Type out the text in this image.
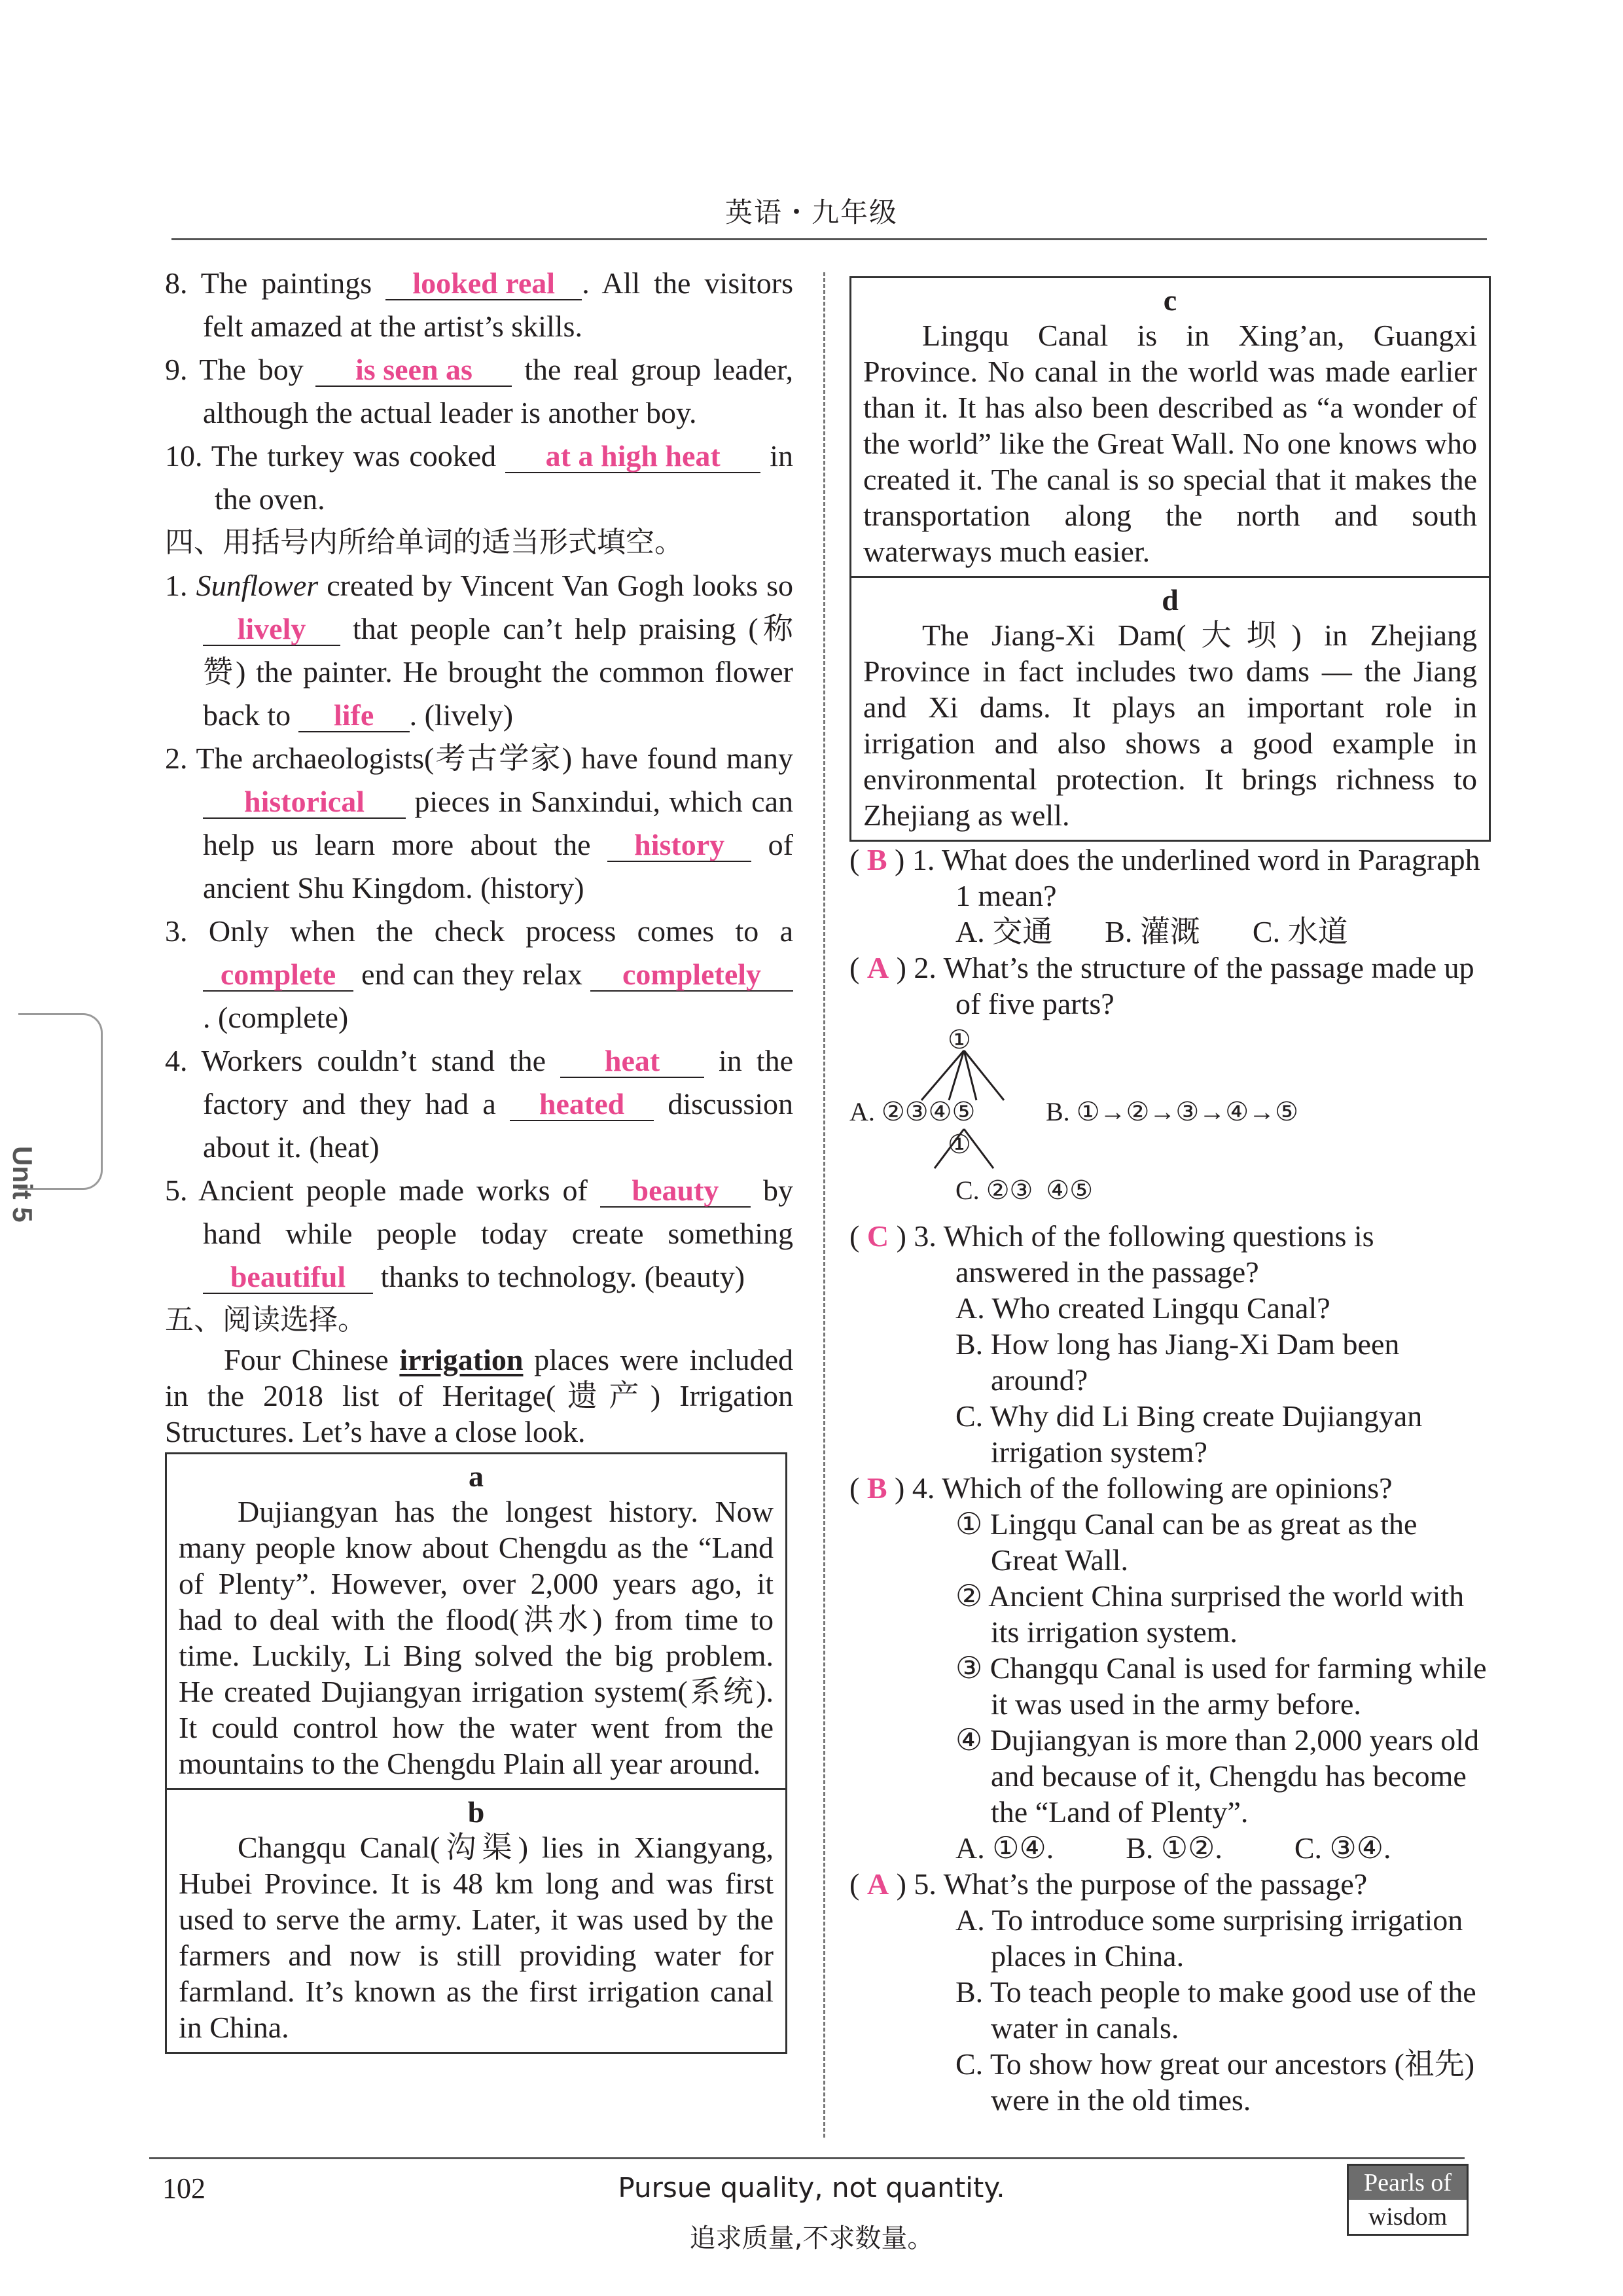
英语・九年级
Unit 5
8. The paintings looked real . All the visitors felt amazed at the artist’s skills.
9. The boy is seen as the real group leader, although the actual leader is another boy.
10. The turkey was cooked at a high heat in the oven.
四、用括号内所给单词的适当形式填空。
1. Sunflower created by Vincent Van Gogh looks so lively that people can’t help praising (称赞) the painter. He brought the common flower back to life . (lively)
2. The archaeologists(考古学家) have found many historical pieces in Sanxindui, which can help us learn more about the history of ancient Shu Kingdom. (history)
3. Only when the check process comes to a complete end can they relax completely. (complete)
4. Workers couldn’t stand the heat in the factory and they had a heated discussion about it. (heat)
5. Ancient people made works of beauty by hand while people today create something beautiful thanks to technology. (beauty)
五、阅读选择。
Four Chinese irrigation places were included in the 2018 list of Heritage(遗产) Irrigation Structures. Let’s have a close look.
a
Dujiangyan has the longest history. Now many people know about Chengdu as the “Land of Plenty”. However, over 2,000 years ago, it had to deal with the flood(洪水) from time to time. Luckily, Li Bing solved the big problem. He created Dujiangyan irrigation system(系统). It could control how the water went from the mountains to the Chengdu Plain all year around.
b
Changqu Canal(沟渠) lies in Xiangyang, Hubei Province. It is 48 km long and was first used to serve the army. Later, it was used by the farmers and now is still providing water for farmland. It’s known as the first irrigation canal in China.
c
Lingqu Canal is in Xing’an, Guangxi Province. No canal in the world was made earlier than it. It has also been described as “a wonder of the world” like the Great Wall. No one knows who created it. The canal is so special that it makes the transportation along the north and south waterways much easier.
d
The Jiang-Xi Dam(大坝) in Zhejiang Province in fact includes two dams — the Jiang and Xi dams. It plays an important role in irrigation and also shows a good example in environmental protection. It brings richness to Zhejiang as well.
( B ) 1. What does the underlined word in Paragraph 1 mean?
A. 交通 B. 灌溉 C. 水道
( A ) 2. What’s the structure of the passage made up of five parts?
①
A. ②③④⑤	B. ①→②→③→④→⑤
①
C. ②③ ④⑤
( C ) 3. Which of the following questions is answered in the passage?
A. Who created Lingqu Canal?
B. How long has Jiang-Xi Dam been around?
C. Why did Li Bing create Dujiangyan irrigation system?
( B ) 4. Which of the following are opinions?
① Lingqu Canal can be as great as the Great Wall.
② Ancient China surprised the world with its irrigation system.
③ Changqu Canal is used for farming while it was used in the army before.
④ Dujiangyan is more than 2,000 years old and because of it, Chengdu has become the “Land of Plenty”.
A. ①④. B. ①②. C. ③④.
( A ) 5. What’s the purpose of the passage?
A. To introduce some surprising irrigation places in China.
B. To teach people to make good use of the water in canals.
C. To show how great our ancestors (祖先) were in the old times.
102	Pursue quality, not quantity.
追求质量,不求数量。
Pearls of
wisdom
